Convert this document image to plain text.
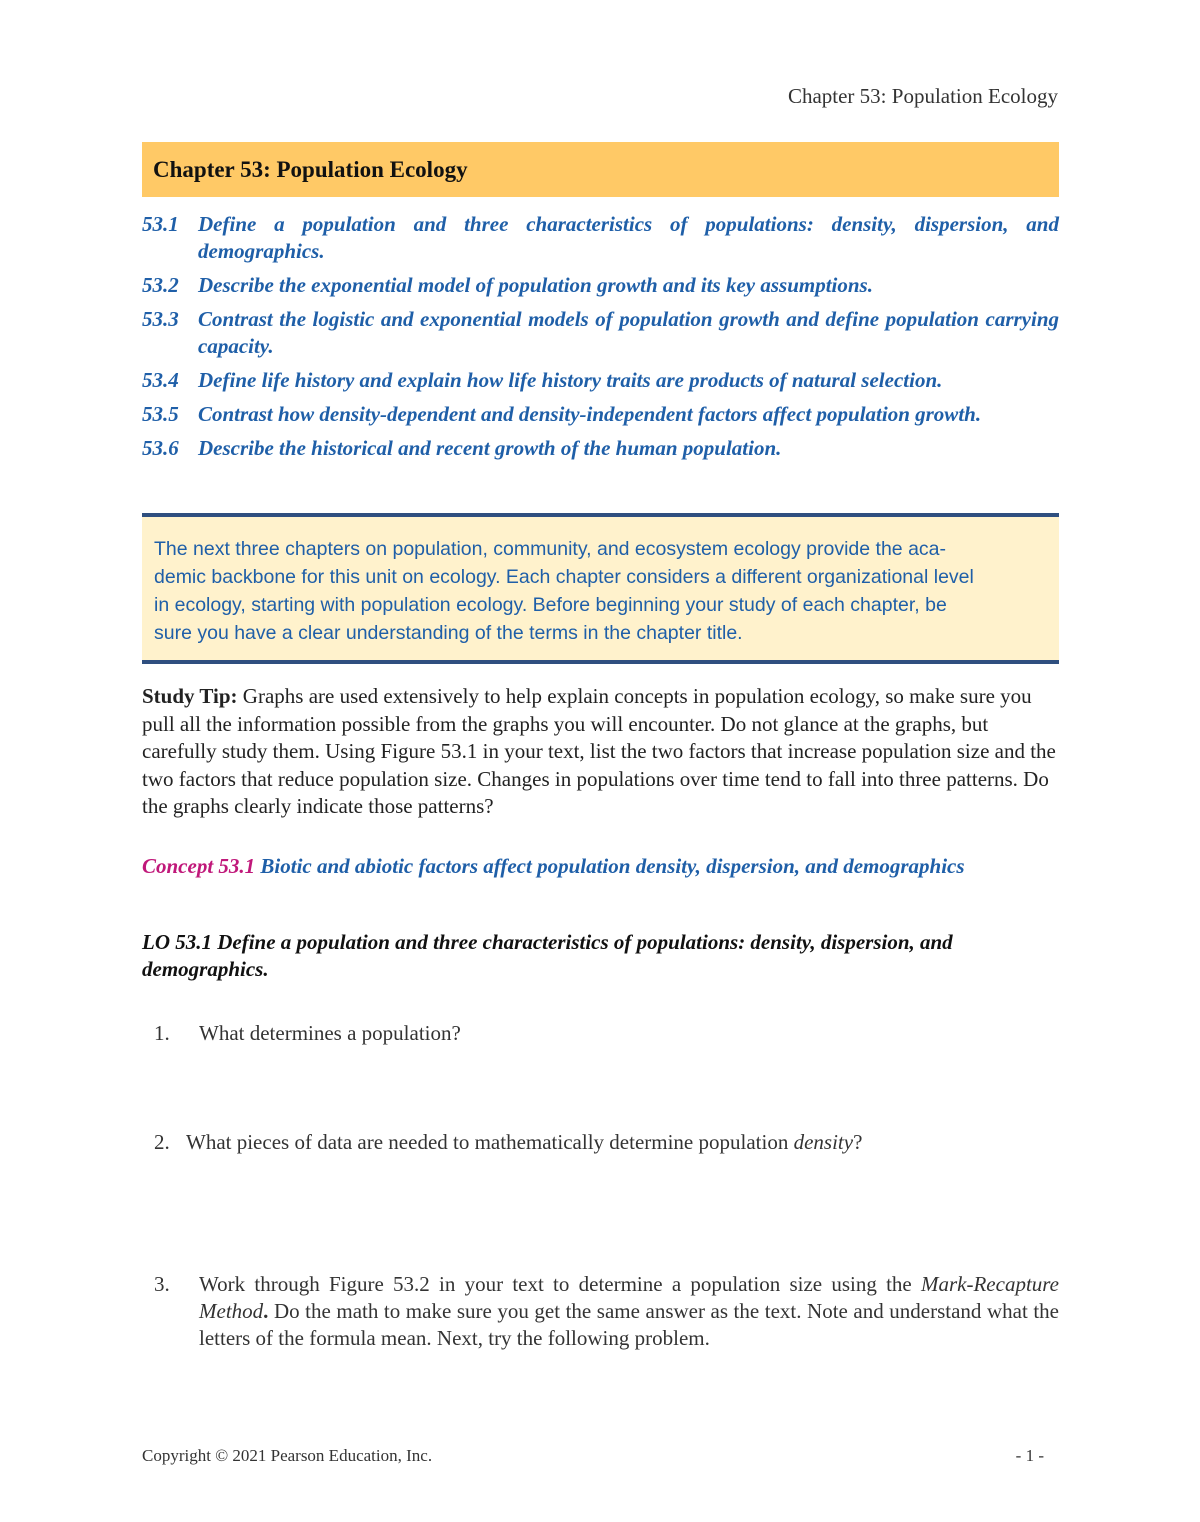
Chapter 53: Population Ecology
Chapter 53: Population Ecology
53.1 Define a population and three characteristics of populations: density, dispersion, and demographics.
53.2 Describe the exponential model of population growth and its key assumptions.
53.3 Contrast the logistic and exponential models of population growth and define population carrying capacity.
53.4 Define life history and explain how life history traits are products of natural selection.
53.5 Contrast how density-dependent and density-independent factors affect population growth.
53.6 Describe the historical and recent growth of the human population.
The next three chapters on population, community, and ecosystem ecology provide the aca-
demic backbone for this unit on ecology. Each chapter considers a different organizational level
in ecology, starting with population ecology. Before beginning your study of each chapter, be
sure you have a clear understanding of the terms in the chapter title.

Study Tip: Graphs are used extensively to help explain concepts in population ecology, so make sure you pull all the information possible from the graphs you will encounter. Do not glance at the graphs, but carefully study them. Using Figure 53.1 in your text, list the two factors that increase population size and the two factors that reduce population size. Changes in populations over time tend to fall into three patterns. Do the graphs clearly indicate those patterns?

Concept 53.1 Biotic and abiotic factors affect population density, dispersion, and demographics

LO 53.1 Define a population and three characteristics of populations: density, dispersion, and demographics.

1.	What determines a population?
2. What pieces of data are needed to mathematically determine population density?
3.	Work through Figure 53.2 in your text to determine a population size using the Mark-Recapture Method. Do the math to make sure you get the same answer as the text. Note and understand what the letters of the formula mean. Next, try the following problem.
Copyright © 2021 Pearson Education, Inc.	- 1 -
